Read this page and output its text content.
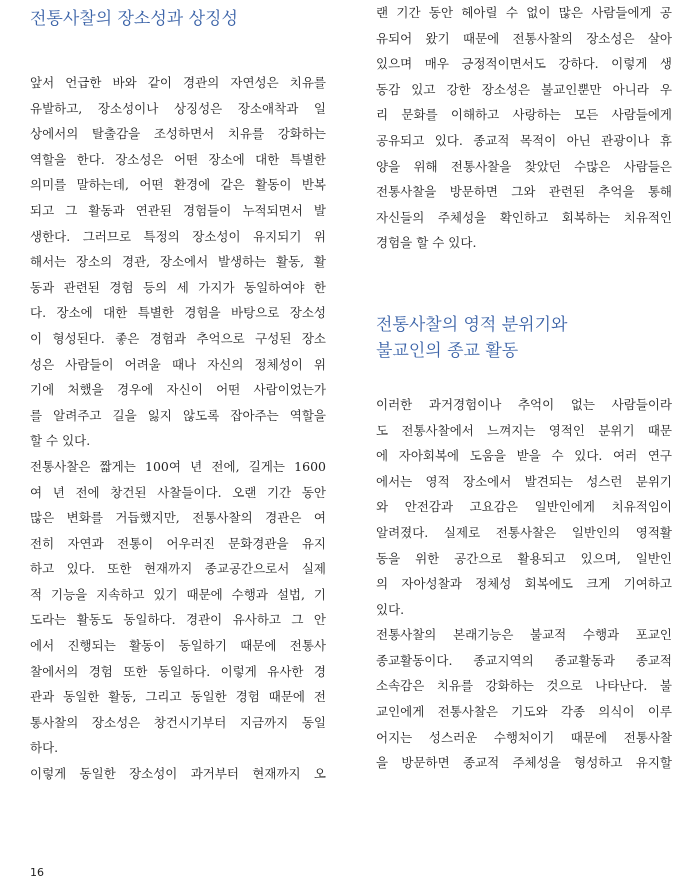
전통사찰의 장소성과 상징성

앞서 언급한 바와 같이 경관의 자연성은 치유를
유발하고, 장소성이나 상징성은 장소애착과 일
상에서의 탈출감을 조성하면서 치유를 강화하는
역할을 한다. 장소성은 어떤 장소에 대한 특별한
의미를 말하는데, 어떤 환경에 같은 활동이 반복
되고 그 활동과 연관된 경험들이 누적되면서 발
생한다. 그러므로 특정의 장소성이 유지되기 위
해서는 장소의 경관, 장소에서 발생하는 활동, 활
동과 관련된 경험 등의 세 가지가 동일하여야 한
다. 장소에 대한 특별한 경험을 바탕으로 장소성
이 형성된다. 좋은 경험과 추억으로 구성된 장소
성은 사람들이 어려울 때나 자신의 정체성이 위
기에 처했을 경우에 자신이 어떤 사람이었는가
를 알려주고 길을 잃지 않도록 잡아주는 역할을
할 수 있다.

전통사찰은 짧게는 100여 년 전에, 길게는 1600
여 년 전에 창건된 사찰들이다. 오랜 기간 동안
많은 변화를 거듭했지만, 전통사찰의 경관은 여
전히 자연과 전통이 어우러진 문화경관을 유지
하고 있다. 또한 현재까지 종교공간으로서 실제
적 기능을 지속하고 있기 때문에 수행과 설법, 기
도라는 활동도 동일하다. 경관이 유사하고 그 안
에서 진행되는 활동이 동일하기 때문에 전통사
찰에서의 경험 또한 동일하다. 이렇게 유사한 경
관과 동일한 활동, 그리고 동일한 경험 때문에 전
통사찰의 장소성은 창건시기부터 지금까지 동일
하다.

이렇게 동일한 장소성이 과거부터 현재까지 오

랜 기간 동안 헤아릴 수 없이 많은 사람들에게 공
유되어 왔기 때문에 전통사찰의 장소성은 살아
있으며 매우 긍정적이면서도 강하다. 이렇게 생
동감 있고 강한 장소성은 불교인뿐만 아니라 우
리 문화를 이해하고 사랑하는 모든 사람들에게
공유되고 있다. 종교적 목적이 아닌 관광이나 휴
양을 위해 전통사찰을 찾았던 수많은 사람들은
전통사찰을 방문하면 그와 관련된 추억을 통해
자신들의 주체성을 확인하고 회복하는 치유적인
경험을 할 수 있다.

전통사찰의 영적 분위기와
불교인의 종교 활동

이러한 과거경험이나 추억이 없는 사람들이라
도 전통사찰에서 느껴지는 영적인 분위기 때문
에 자아회복에 도움을 받을 수 있다. 여러 연구
에서는 영적 장소에서 발견되는 성스런 분위기
와 안전감과 고요감은 일반인에게 치유적임이
알려졌다. 실제로 전통사찰은 일반인의 영적활
동을 위한 공간으로 활용되고 있으며, 일반인
의 자아성찰과 정체성 회복에도 크게 기여하고
있다.

전통사찰의 본래기능은 불교적 수행과 포교인
종교활동이다. 종교지역의 종교활동과 종교적
소속감은 치유를 강화하는 것으로 나타난다. 불
교인에게 전통사찰은 기도와 각종 의식이 이루
어지는 성스러운 수행처이기 때문에 전통사찰
을 방문하면 종교적 주체성을 형성하고 유지할

16
